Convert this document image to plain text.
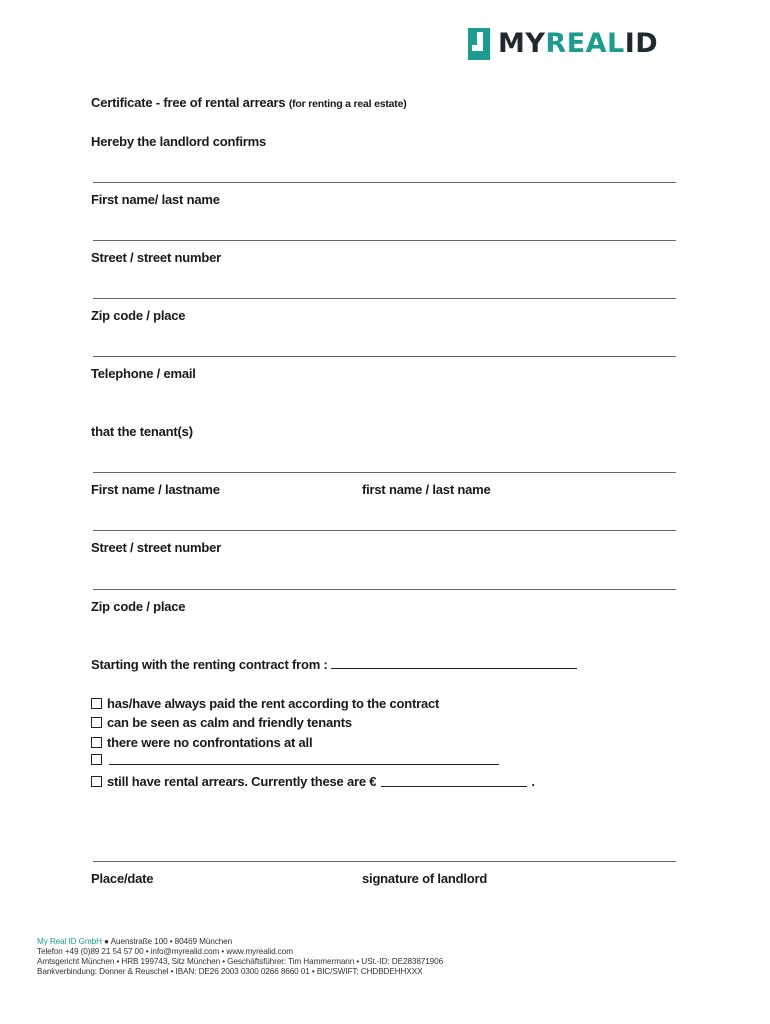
MYREALID
Certificate - free of rental arrears (for renting a real estate)
Hereby the landlord confirms
First name/ last name
Street / street number
Zip code / place
Telephone / email
that the tenant(s)
First name / lastname	first name / last name
Street / street number
Zip code / place
Starting with the renting contract from :
has/have always paid the rent according to the contract
can be seen as calm and friendly tenants
there were no confrontations at all
still have rental arrears. Currently these are €	.
Place/date	signature of landlord
My Real ID GmbH ● Auenstraße 100 • 80469 München
Telefon +49 (0)89 21 54 57 00 • info@myrealid.com • www.myrealid.com
Amtsgericht München • HRB 199743, Sitz München • Geschäftsführer: Tim Hammermann • USt.-ID: DE283871906
Bankverbindung: Donner & Reuschel • IBAN: DE26 2003 0300 0266 8660 01 • BIC/SWIFT: CHDBDEHHXXX
